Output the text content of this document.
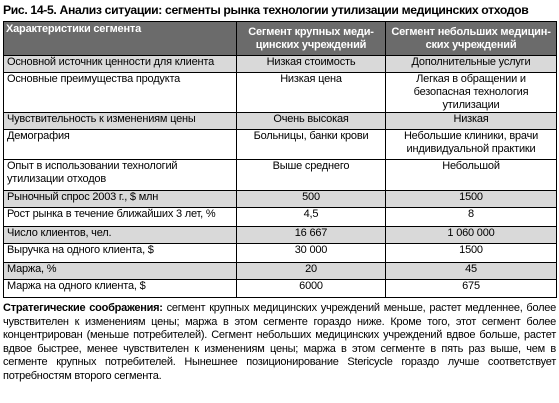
Рис. 14-5. Анализ ситуации: сегменты рынка технологии утилизации медицинских отходов
Характеристики сегмента	Сегмент крупных меди-цинских учреждений	Сегмент небольших медицин-ских учреждений
Основной источник ценности для клиента	Низкая стоимость	Дополнительные услуги
Основные преимущества продукта	Низкая цена	Легкая в обращении и безопасная технология утилизации
Чувствительность к изменениям цены	Очень высокая	Низкая
Демография	Больницы, банки крови	Небольшие клиники, врачи индивидуальной практики
Опыт в использовании технологий утилизации отходов	Выше среднего	Небольшой
Рыночный спрос 2003 г., $ млн	500	1500
Рост рынка в течение ближайших 3 лет, %	4,5	8
Число клиентов, чел.	16 667	1 060 000
Выручка на одного клиента, $	30 000	1500
Маржа, %	20	45
Маржа на одного клиента, $	6000	675
Стратегические соображения: сегмент крупных медицинских учреждений меньше, растет медленнее, более чувствителен к изменениям цены; маржа в этом сегменте гораздо ниже. Кроме того, этот сегмент более концентрирован (меньше потребителей). Сегмент небольших медицинских учреждений вдвое больше, растет вдвое быстрее, менее чувствителен к изменениям цены; маржа в этом сегменте в пять раз выше, чем в сегменте крупных потребителей. Нынешнее позиционирование Stericycle гораздо лучше соответствует потребностям второго сегмента.
